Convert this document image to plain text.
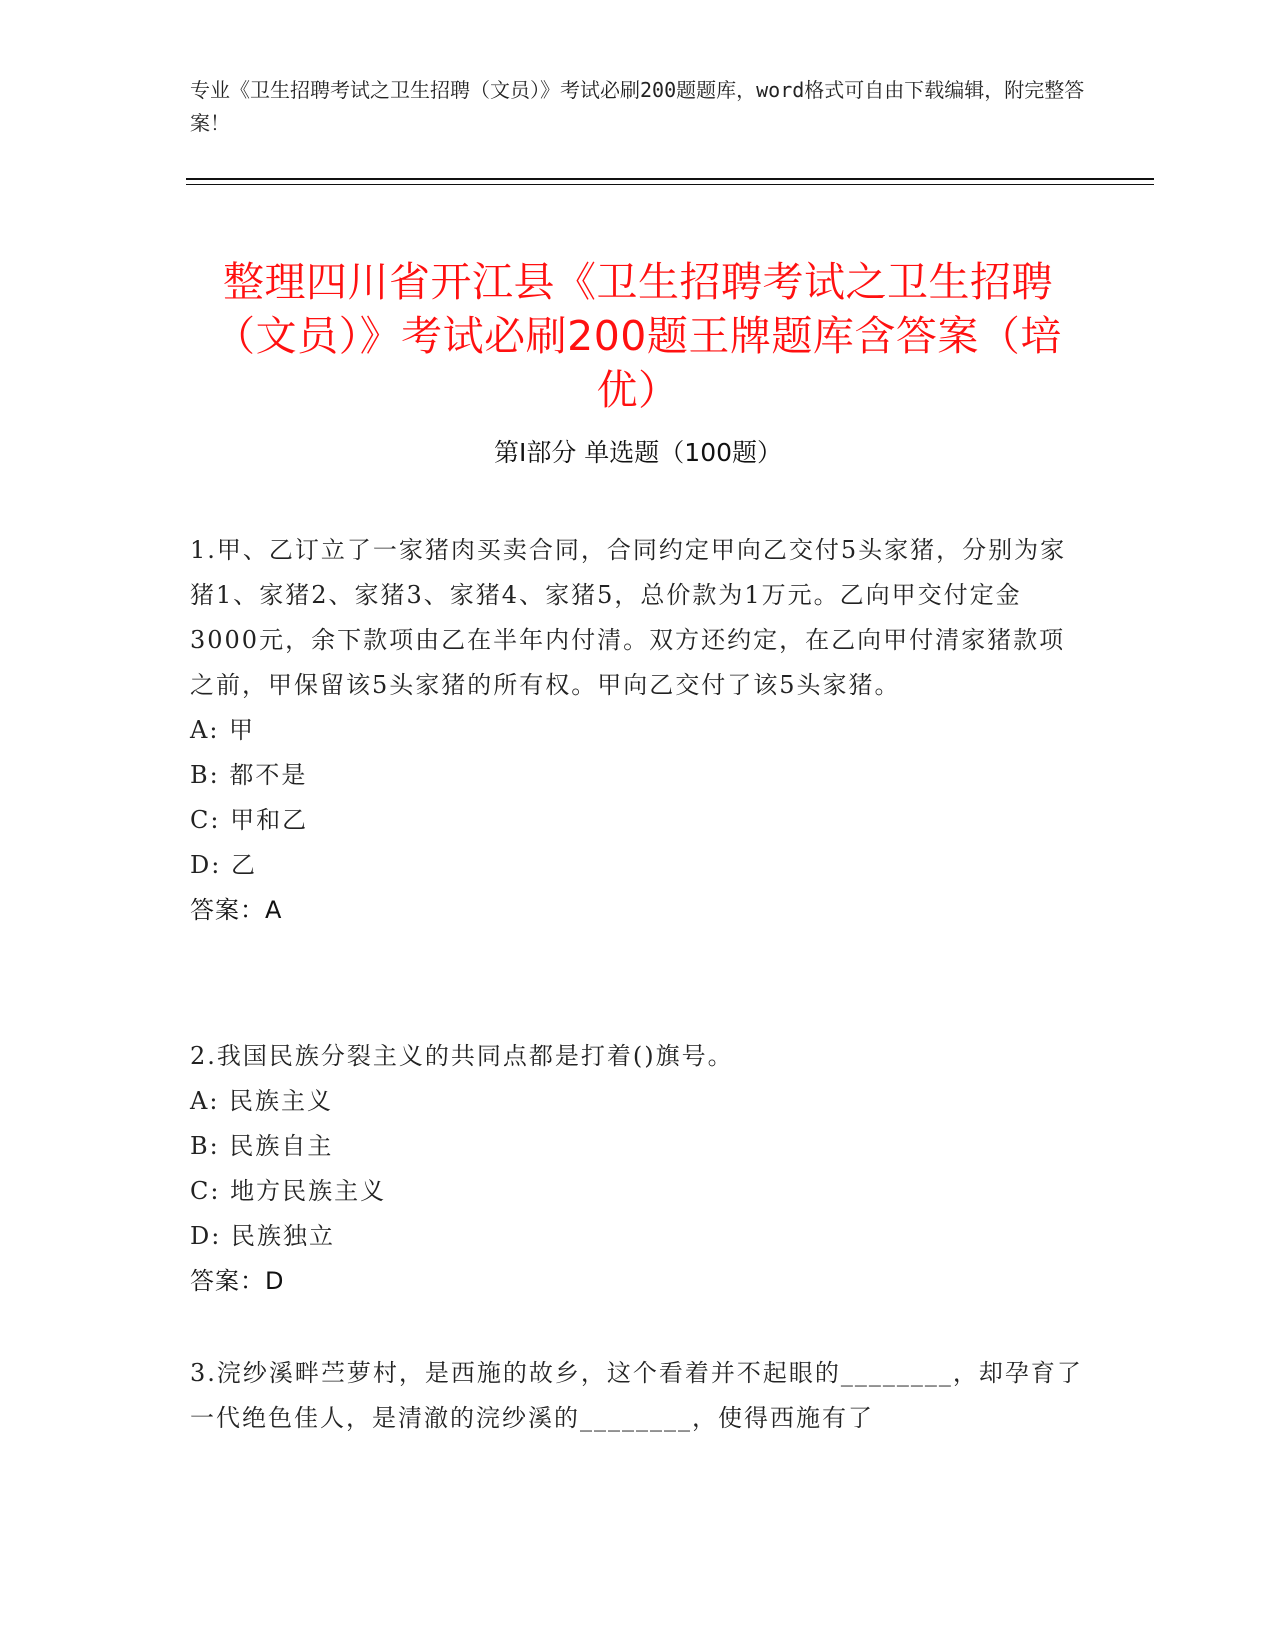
专业《卫生招聘考试之卫生招聘（文员）》考试必刷200题题库，word格式可自由下载编辑，附完整答案！
整理四川省开江县《卫生招聘考试之卫生招聘（文员）》考试必刷200题王牌题库含答案（培优）
第Ⅰ部分 单选题（100题）

1.甲、乙订立了一家猪肉买卖合同，合同约定甲向乙交付5头家猪，分别为家猪1、家猪2、家猪3、家猪4、家猪5，总价款为1万元。乙向甲交付定金3000元，余下款项由乙在半年内付清。双方还约定，在乙向甲付清家猪款项之前，甲保留该5头家猪的所有权。甲向乙交付了该5头家猪。

A: 甲

B: 都不是

C: 甲和乙

D: 乙

答案：A

2.我国民族分裂主义的共同点都是打着()旗号。

A: 民族主义

B: 民族自主

C: 地方民族主义

D: 民族独立

答案：D

3.浣纱溪畔苎萝村，是西施的故乡，这个看着并不起眼的________，却孕育了一代绝色佳人，是清澈的浣纱溪的________，使得西施有了
